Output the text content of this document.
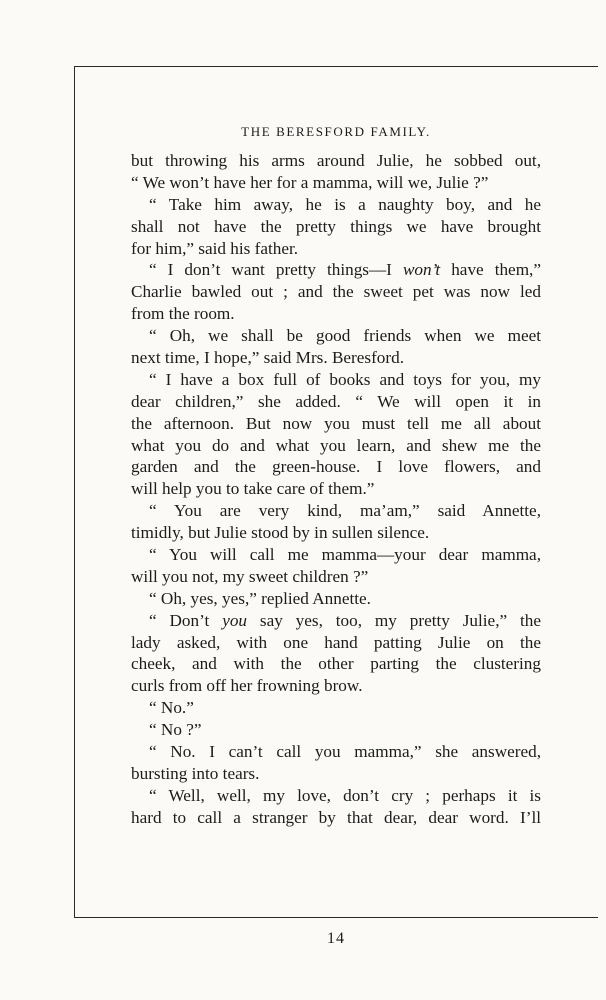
THE BERESFORD FAMILY.
but throwing his arms around Julie, he sobbed out,
“ We won’t have her for a mamma, will we, Julie ?”
“ Take him away, he is a naughty boy, and he
shall not have the pretty things we have brought
for him,” said his father.
“ I don’t want pretty things—I won’t have them,”
Charlie bawled out ; and the sweet pet was now led
from the room.
“ Oh, we shall be good friends when we meet
next time, I hope,” said Mrs. Beresford.
“ I have a box full of books and toys for you, my
dear children,” she added. “ We will open it in
the afternoon. But now you must tell me all about
what you do and what you learn, and shew me the
garden and the green-house. I love flowers, and
will help you to take care of them.”
“ You are very kind, ma’am,” said Annette,
timidly, but Julie stood by in sullen silence.
“ You will call me mamma—your dear mamma,
will you not, my sweet children ?”
“ Oh, yes, yes,” replied Annette.
“ Don’t you say yes, too, my pretty Julie,” the
lady asked, with one hand patting Julie on the
cheek, and with the other parting the clustering
curls from off her frowning brow.
“ No.”
“ No ?”
“ No. I can’t call you mamma,” she answered,
bursting into tears.
“ Well, well, my love, don’t cry ; perhaps it is
hard to call a stranger by that dear, dear word. I’ll
14
